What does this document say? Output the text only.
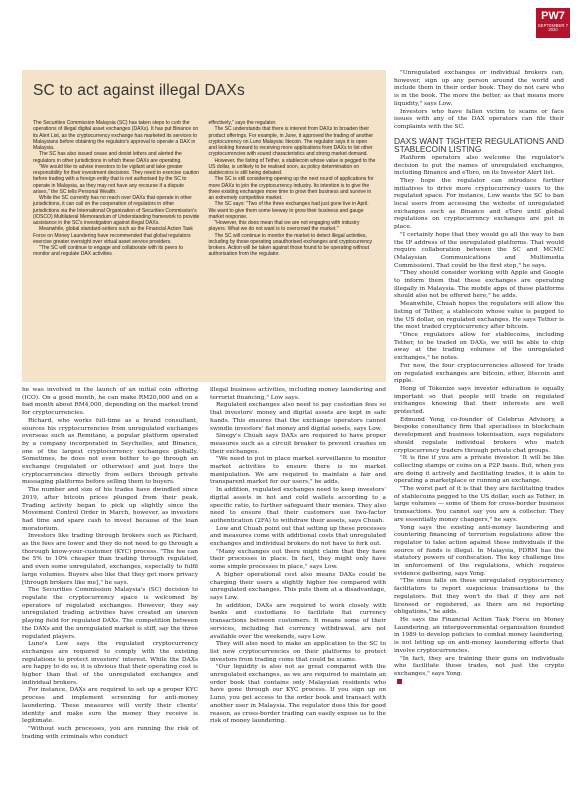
PW7
SEPTEMBER 7
2020
SC to act against illegal DAXs

The Securities Commission Malaysia (SC) has taken steps to curb the operations of illegal digital asset exchanges (DAXs). It has put Binance on its Alert List, as the cryptocurrency exchange has marketed its services to Malaysians before obtaining the regulator's approval to operate a DAX in Malaysia.

The SC has also issued cease and desist letters and alerted the regulators in other jurisdictions in which these DAXs are operating.

"We would like to advise investors to be vigilant and take greater responsibility for their investment decisions. They need to exercise caution before trading with a foreign entity that is not authorised by the SC to operate in Malaysia, as they may not have any recourse if a dispute arises," the SC tells Personal Wealth.

While the SC currently has no reach over DAXs that operate in other jurisdictions, it can call on the cooperation of regulators in other jurisdictions via the International Organization of Securities Commission's (IOSCO) Multilateral Memorandum of Understanding framework to provide assistance in the SC's investigation against illegal DAXs.

Meanwhile, global standard-setters such as the Financial Action Task Force on Money Laundering have recommended that global regulators exercise greater oversight over virtual asset service providers.

"The SC will continue to engage and collaborate with its peers to monitor and regulate DAX activities

effectively," says the regulator.

The SC understands that there is interest from DAXs to broaden their product offerings. For example, in June, it approved the trading of another cryptocurrency on Luno Malaysia: litecoin. The regulator says it is open and looking forward to receiving more applications from DAXs to list other cryptocurrencies with sound characteristics and strong market demand.

However, the listing of Tether, a stablecoin whose value is pegged to the US dollar, is unlikely to be realised soon, as policy determination on stablecoins is still being debated.

The SC is still considering opening up the next round of applications for more DAXs to join the cryptocurrency industry. Its intention is to give the three existing exchanges more time to grow their business and survive in an extremely competitive market.

The SC says: "Two of the three exchanges had just gone live in April. We want to give them some leeway to grow their business and gauge market response.

"However, this does mean that we are not engaging with industry players. What we do not want is to overcrowd the market."

The SC will continue to monitor the market to detect illegal activities, including by those operating unauthorised exchanges and cryptocurrency brokers. Action will be taken against those found to be operating without authorisation from the regulator.

he was involved in the launch of an initial coin offering (ICO). On a good month, he can make RM20,000 and on a bad month about RM4,000, depending on the market trend for cryptocurrencies.

Richard, who works full-time as a brand consultant, sources his cryptocurrencies from unregulated exchanges overseas such as Remitano, a popular platform operated by a company incorporated in Seychelles, and Binance, one of the largest cryptocurrency exchanges globally. Sometimes, he does not even bother to go through an exchange (regulated or otherwise) and just buys the cryptocurrencies directly from sellers through private messaging platforms before selling them to buyers.

The number and size of his trades have dwindled since 2019, after bitcoin prices plunged from their peak. Trading activity began to pick up slightly since the Movement Control Order in March, however, as investors had time and spare cash to invest because of the loan moratorium.

Investors like trading through brokers such as Richard, as the fees are lower and they do not need to go through a thorough know-your-customer (KYC) process. "The fee can be 5% to 10% cheaper than trading through regulated, and even some unregulated, exchanges, especially to fulfil large volumes. Buyers also like that they get more privacy [through brokers like me]," he says.

The Securities Commission Malaysia's (SC) decision to regulate the cryptocurrency space is welcomed by operators of regulated exchanges. However, they say unregulated trading activities have created an uneven playing field for regulated DAXs. The competition between the DAXs and the unregulated market is stiff, say the three regulated players.

Luno's Low says the regulated cryptocurrency exchanges are required to comply with the existing regulations to protect investors' interest. While the DAXs are happy to do so, it is obvious that their operating cost is higher than that of the unregulated exchanges and individual brokers.

For instance, DAXs are required to set up a proper KYC process and implement screening for anti-money laundering. These measures will verify their clients' identity and make sure the money they receive is legitimate.

"Without such processes, you are running the risk of trading with criminals who conduct

illegal business activities, including money laundering and terrorist financing," Low says.

Regulated exchanges also need to pay custodian fees so that investors' money and digital assets are kept in safe hands. This ensures that the exchange operators cannot swindle investors' fiat money and digital assets, says Low.

Sinegy's Chuah says DAXs are required to have proper measures such as a circuit breaker to prevent crashes on their exchanges.

"We need to put in place market surveillance to monitor market activities to ensure there is no market manipulation. We are required to maintain a fair and transparent market for our users," he adds.

In addition, regulated exchanges need to keep investors' digital assets in hot and cold wallets according to a specific ratio, to further safeguard their monies. They also need to ensure that their customers use two-factor authentication (2FA) to withdraw their assets, says Chuah.

Low and Chuah point out that setting up these processes and measures come with additional costs that unregulated exchanges and individual brokers do not have to fork out.

"Many exchanges out there might claim that they have their processes in place. In fact, they might only have some simple processes in place," says Low.

A higher operational cost also means DAXs could be charging their users a slightly higher fee compared with unregulated exchanges. This puts them at a disadvantage, says Low.

In addition, DAXs are required to work closely with banks and custodians to facilitate fiat currency transactions between customers. It means some of their services, including fiat currency withdrawal, are not available over the weekends, says Low.

They will also need to make an application to the SC to list new cryptocurrencies on their platforms to protect investors from trading coins that could be scams.

"Our liquidity is also not as great compared with the unregulated exchanges, as we are required to maintain an order book that contains only Malaysian residents who have gone through our KYC process. If you sign up on Luno, you get access to the order book and transact with another user in Malaysia. The regulator does this for good reason, as cross-border trading can easily expose us to the risk of money laundering.

"Unregulated exchanges or individual brokers can, however, sign up any person around the world and include them in their order book. They do not care who is in the book. The more the better, as that means more liquidity," says Low.

Investors who have fallen victim to scams or face issues with any of the DAX operators can file their complaints with the SC.

DAXS WANT TIGHTER REGULATIONS AND STABLECOIN LISTING

Platform operators also welcome the regulator's decision to put the names of unregulated exchanges, including Binance and eToro, on its Investor Alert list.

They hope the regulator can introduce further initiatives to drive more cryptocurrency users to the regulated space. For instance, Low wants the SC to ban local users from accessing the website of unregulated exchanges such as Binance and eToro until global regulations on cryptocurrency exchanges are put in place.

"I certainly hope that they would go all the way to ban the IP address of the unregulated platforms. That would require collaboration between the SC and MCMC (Malaysian Communications and Multimedia Commission). That could be the first step," he says.

"They should consider working with Apple and Google to inform them that these exchanges are operating illegally in Malaysia. The mobile apps of these platforms should also not be offered here," he adds.

Meanwhile, Chuah hopes the regulators will allow the listing of Tether, a stablecoin whose value is pegged to the US dollar, on regulated exchanges. He says Tether is the most traded cryptocurrency after bitcoin.

"Once regulators allow for stablecoins, including Tether, to be traded on DAXs, we will be able to chip away at the trading volumes of the unregulated exchanges," he notes.

For now, the four cryptocurrencies allowed for trade on regulated exchanges are bitcoin, ether, litecoin and ripple.

Hong of Tokenize says investor education is equally important so that people will trade on regulated exchanges knowing that their interests are well protected.

Edmund Yong, co-founder of Celebrus Advisory, a bespoke consultancy firm that specialises in blockchain development and business tokenisation, says regulators should regulate individual brokers who match cryptocurrency traders through private chat groups.

"It is fine if you are a private investor. It will be like collecting stamps or coins on a P2P basis. But, when you are doing it actively and facilitating trades, it is akin to operating a marketplace or running an exchange.

"The worst part of it is that they are facilitating trades of stablecoins pegged to the US dollar, such as Tether, in large volumes — some of them for cross-border business transactions. You cannot say you are a collector. They are essentially money changers," he says.

Yong says the existing anti-money laundering and countering financing of terrorism regulations allow the regulator to take action against these individuals if the source of funds is illegal. In Malaysia, PDRM has the statutory powers of confiscation. The key challenge lies in enforcement of the regulations, which requires evidence gathering, says Yong.

"The onus falls on these unregulated cryptocurrency facilitators to report suspicious transactions to the regulators. But they won't do that if they are not licensed or registered, as there are no reporting obligations," he adds.

He says the Financial Action Task Force on Money Laundering, an intergovernmental organisation founded in 1989 to develop policies to combat money laundering, is not letting up on anti-money laundering efforts that involve cryptocurrencies.

"In fact, they are training their guns on individuals who facilitate these trades, not just the crypto exchanges," says Yong.
